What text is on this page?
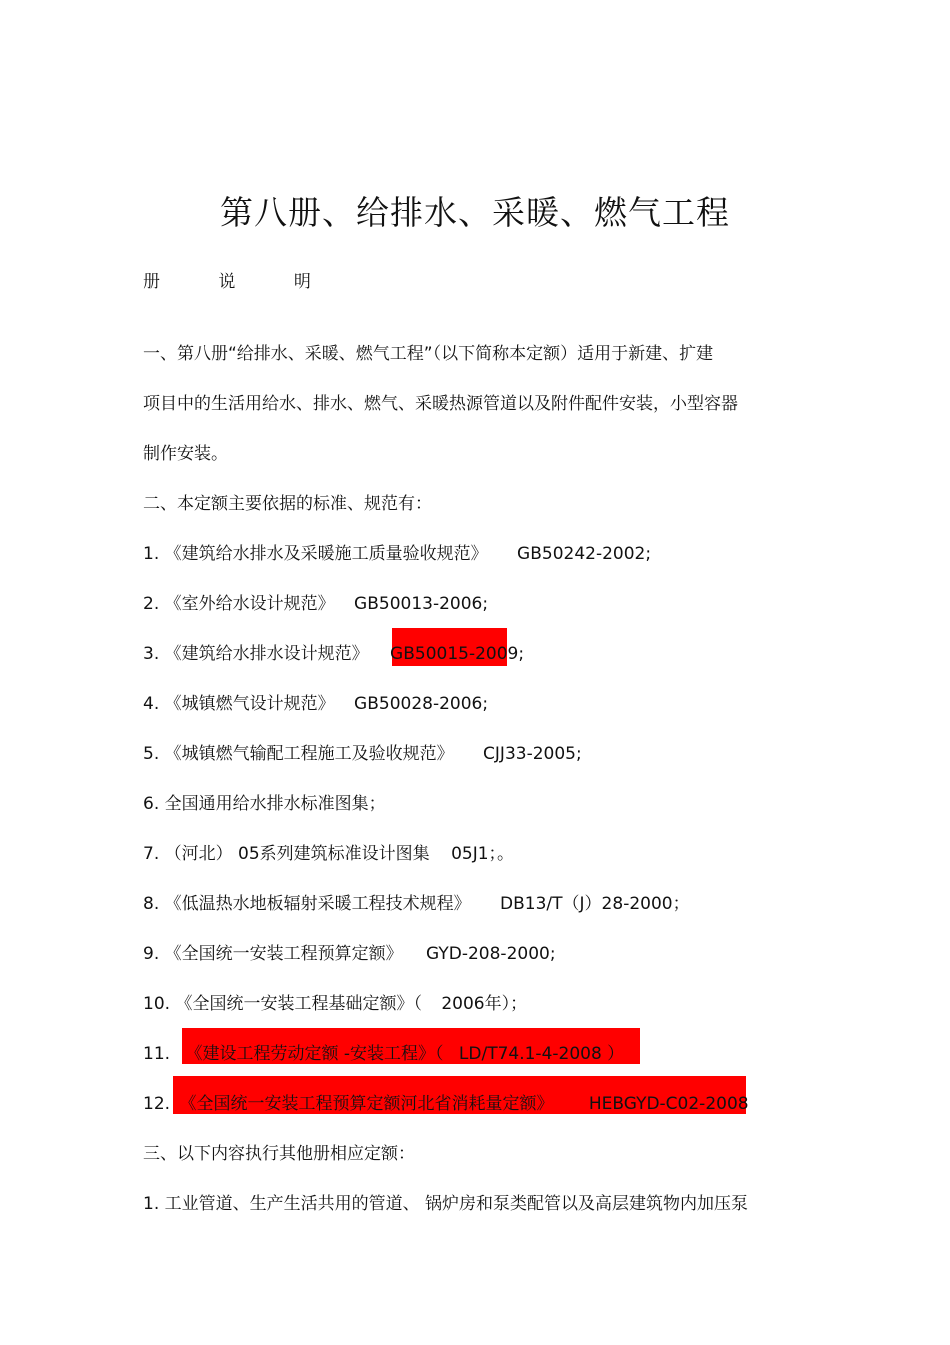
第八册、给排水、采暖、燃气工程
册	说	明
一、第八册“给排水、采暖、燃气工程”（以下简称本定额）适用于新建、扩建
项目中的生活用给水、排水、燃气、采暖热源管道以及附件配件安装，小型容器
制作安装。
二、本定额主要依据的标准、规范有：
1. 《建筑给水排水及采暖施工质量验收规范》 GB50242-2002;
2. 《室外给水设计规范》 GB50013-2006;
3. 《建筑给水排水设计规范》 GB50015-2009;
4. 《城镇燃气设计规范》 GB50028-2006;
5. 《城镇燃气输配工程施工及验收规范》 CJJ33-2005;
6. 全国通用给水排水标准图集；
7. （河北） 05系列建筑标准设计图集 05J1；。
8. 《低温热水地板辐射采暖工程技术规程》 DB13/T（J）28-2000；
9. 《全国统一安装工程预算定额》 GYD-208-2000;
10. 《全国统一安装工程基础定额》（ 2006年）；
11. 《建设工程劳动定额 -安装工程》（ LD/T74.1-4-2008 ）
12. 《全国统一安装工程预算定额河北省消耗量定额》 HEBGYD-C02-2008
三、以下内容执行其他册相应定额：
1. 工业管道、生产生活共用的管道、 锅炉房和泵类配管以及高层建筑物内加压泵
